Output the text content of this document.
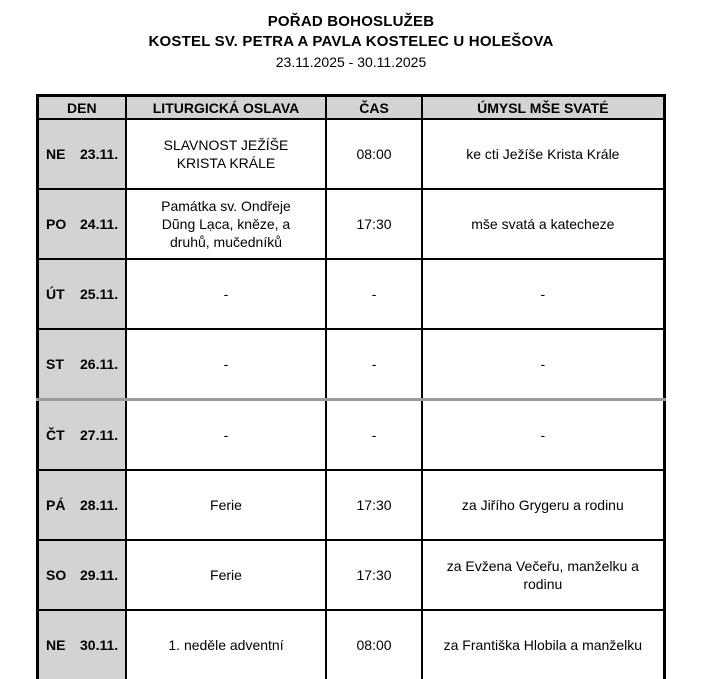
POŘAD BOHOSLUŽEB
KOSTEL SV. PETRA A PAVLA KOSTELEC U HOLEŠOVA
23.11.2025 - 30.11.2025
DEN	LITURGICKÁ OSLAVA	ČAS	ÚMYSL MŠE SVATÉ
NE 23.11.	SLAVNOST JEŽÍŠE KRISTA KRÁLE	08:00	ke cti Ježíše Krista Krále
PO 24.11.	Památka sv. Ondřeje Dũng Lạca, kněze, a druhů, mučedníků	17:30	mše svatá a katecheze
ÚT 25.11.	-	-	-
ST 26.11.	-	-	-
ČT 27.11.	-	-	-
PÁ 28.11.	Ferie	17:30	za Jiřího Grygeru a rodinu
SO 29.11.	Ferie	17:30	za Evžena Večeřu, manželku a rodinu
NE 30.11.	1. neděle adventní	08:00	za Františka Hlobila a manželku
